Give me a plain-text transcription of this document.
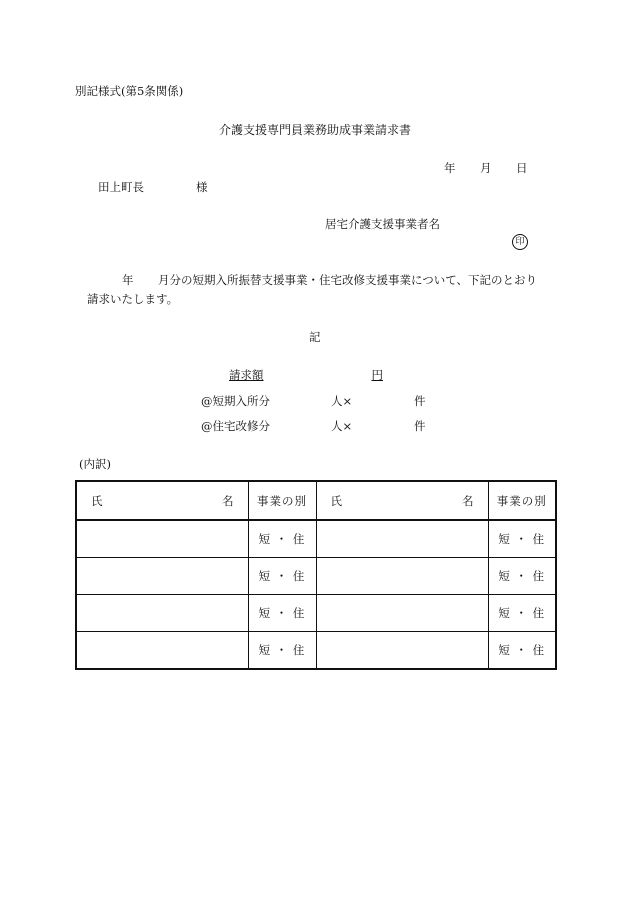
別記様式(第5条関係)
介護支援専門員業務助成事業請求書
年 月 日
田上町長	様
居宅介護支援事業者名
印
年 月分の短期入所振替支援事業・住宅改修支援事業について、下記のとおり
請求いたします。
記
請求額	円
@短期入所分	人×	件
@住宅改修分	人×	件
(内訳)
氏 名	事業の別	氏 名	事業の別
	短 ・ 住		短 ・ 住
	短 ・ 住		短 ・ 住
	短 ・ 住		短 ・ 住
	短 ・ 住		短 ・ 住
